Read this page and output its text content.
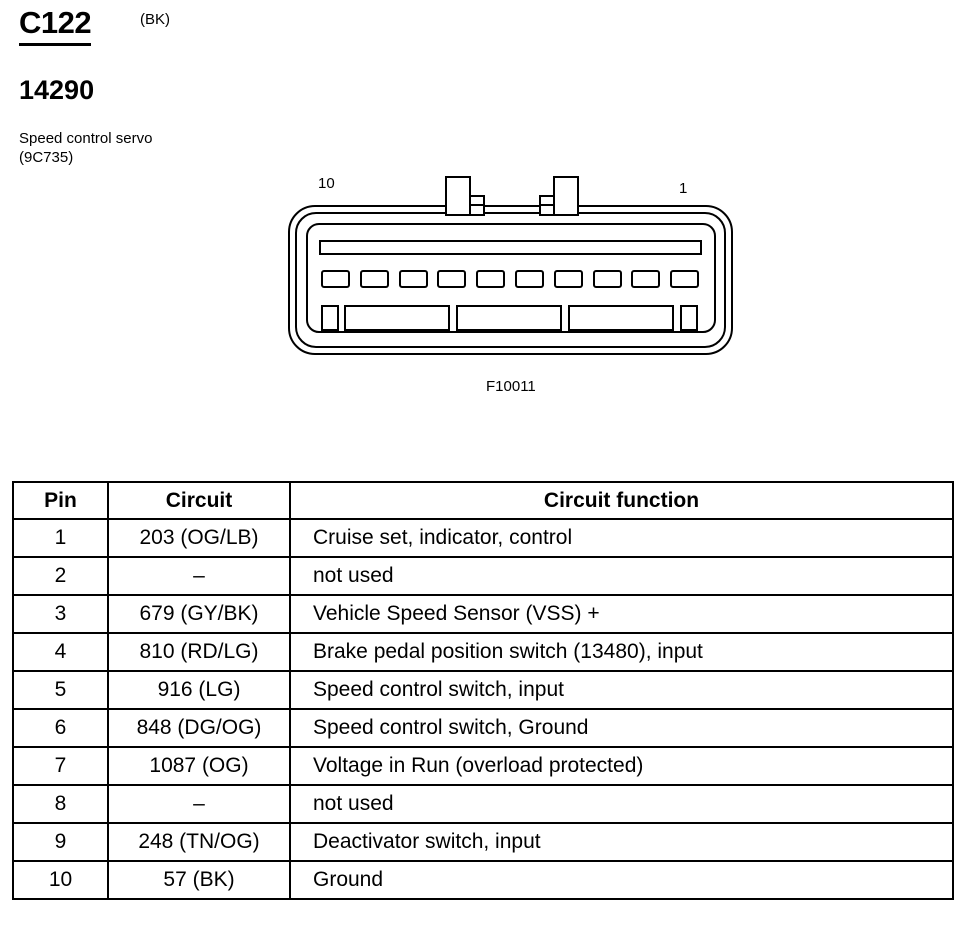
C122	(BK)
14290
Speed control servo
(9C735)
10	1
F10011
Pin	Circuit	Circuit function
1	203 (OG/LB)	Cruise set, indicator, control
2	–	not used
3	679 (GY/BK)	Vehicle Speed Sensor (VSS) +
4	810 (RD/LG)	Brake pedal position switch (13480), input
5	916 (LG)	Speed control switch, input
6	848 (DG/OG)	Speed control switch, Ground
7	1087 (OG)	Voltage in Run (overload protected)
8	–	not used
9	248 (TN/OG)	Deactivator switch, input
10	57 (BK)	Ground
